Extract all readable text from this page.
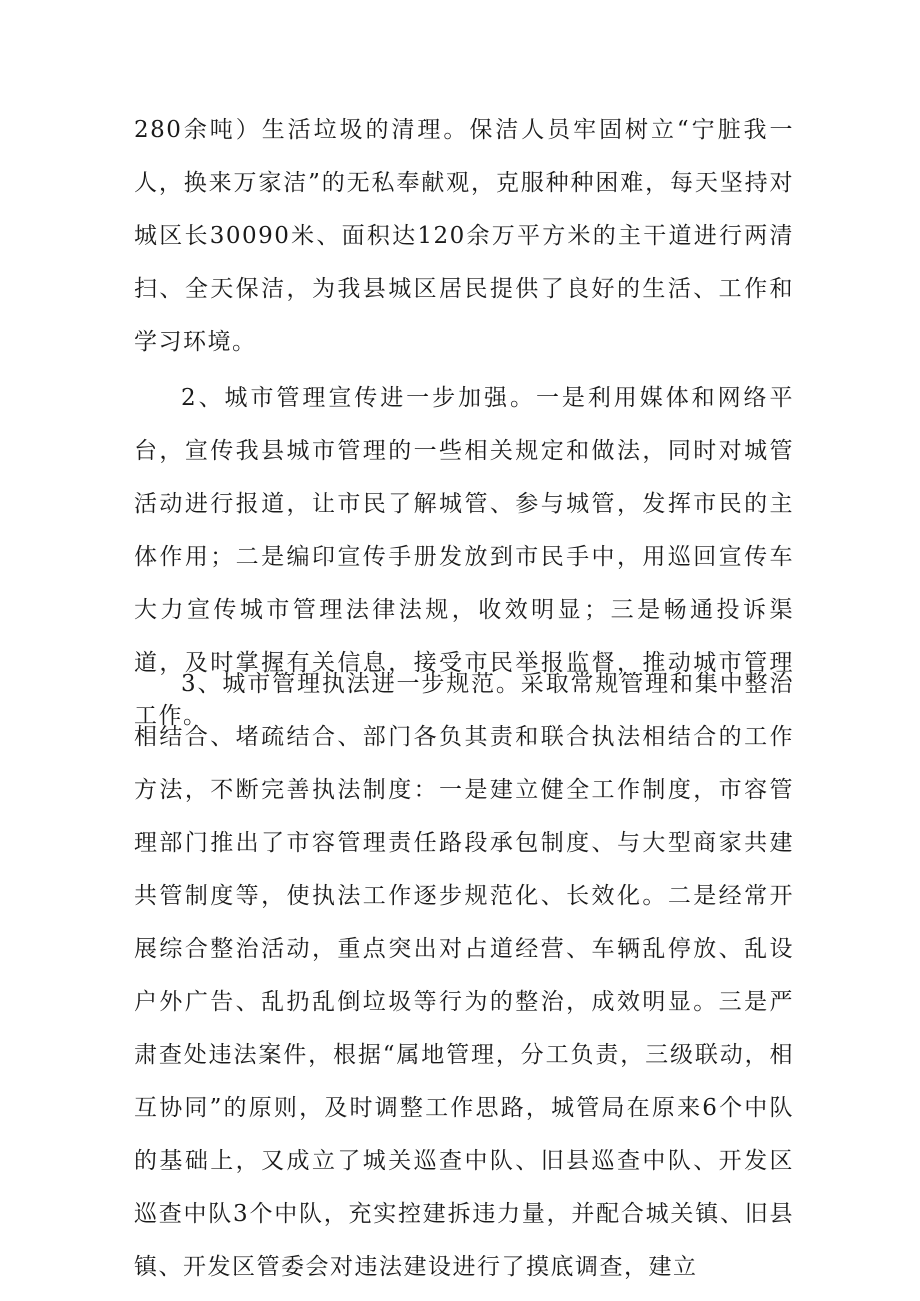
280余吨）生活垃圾的清理。保洁人员牢固树立“宁脏我一人，换来万家洁”的无私奉献观，克服种种困难，每天坚持对城区长30090米、面积达120余万平方米的主干道进行两清扫、全天保洁，为我县城区居民提供了良好的生活、工作和学习环境。

2、城市管理宣传进一步加强。一是利用媒体和网络平台，宣传我县城市管理的一些相关规定和做法，同时对城管活动进行报道，让市民了解城管、参与城管，发挥市民的主体作用；二是编印宣传手册发放到市民手中，用巡回宣传车大力宣传城市管理法律法规，收效明显；三是畅通投诉渠道，及时掌握有关信息，接受市民举报监督，推动城市管理工作。

3、城市管理执法进一步规范。采取常规管理和集中整治相结合、堵疏结合、部门各负其责和联合执法相结合的工作方法，不断完善执法制度：一是建立健全工作制度，市容管理部门推出了市容管理责任路段承包制度、与大型商家共建共管制度等，使执法工作逐步规范化、长效化。二是经常开展综合整治活动，重点突出对占道经营、车辆乱停放、乱设户外广告、乱扔乱倒垃圾等行为的整治，成效明显。三是严肃查处违法案件，根据“属地管理，分工负责，三级联动，相互协同”的原则，及时调整工作思路，城管局在原来6个中队的基础上，又成立了城关巡查中队、旧县巡查中队、开发区巡查中队3个中队，充实控建拆违力量，并配合城关镇、旧县镇、开发区管委会对违法建设进行了摸底调查，建立
